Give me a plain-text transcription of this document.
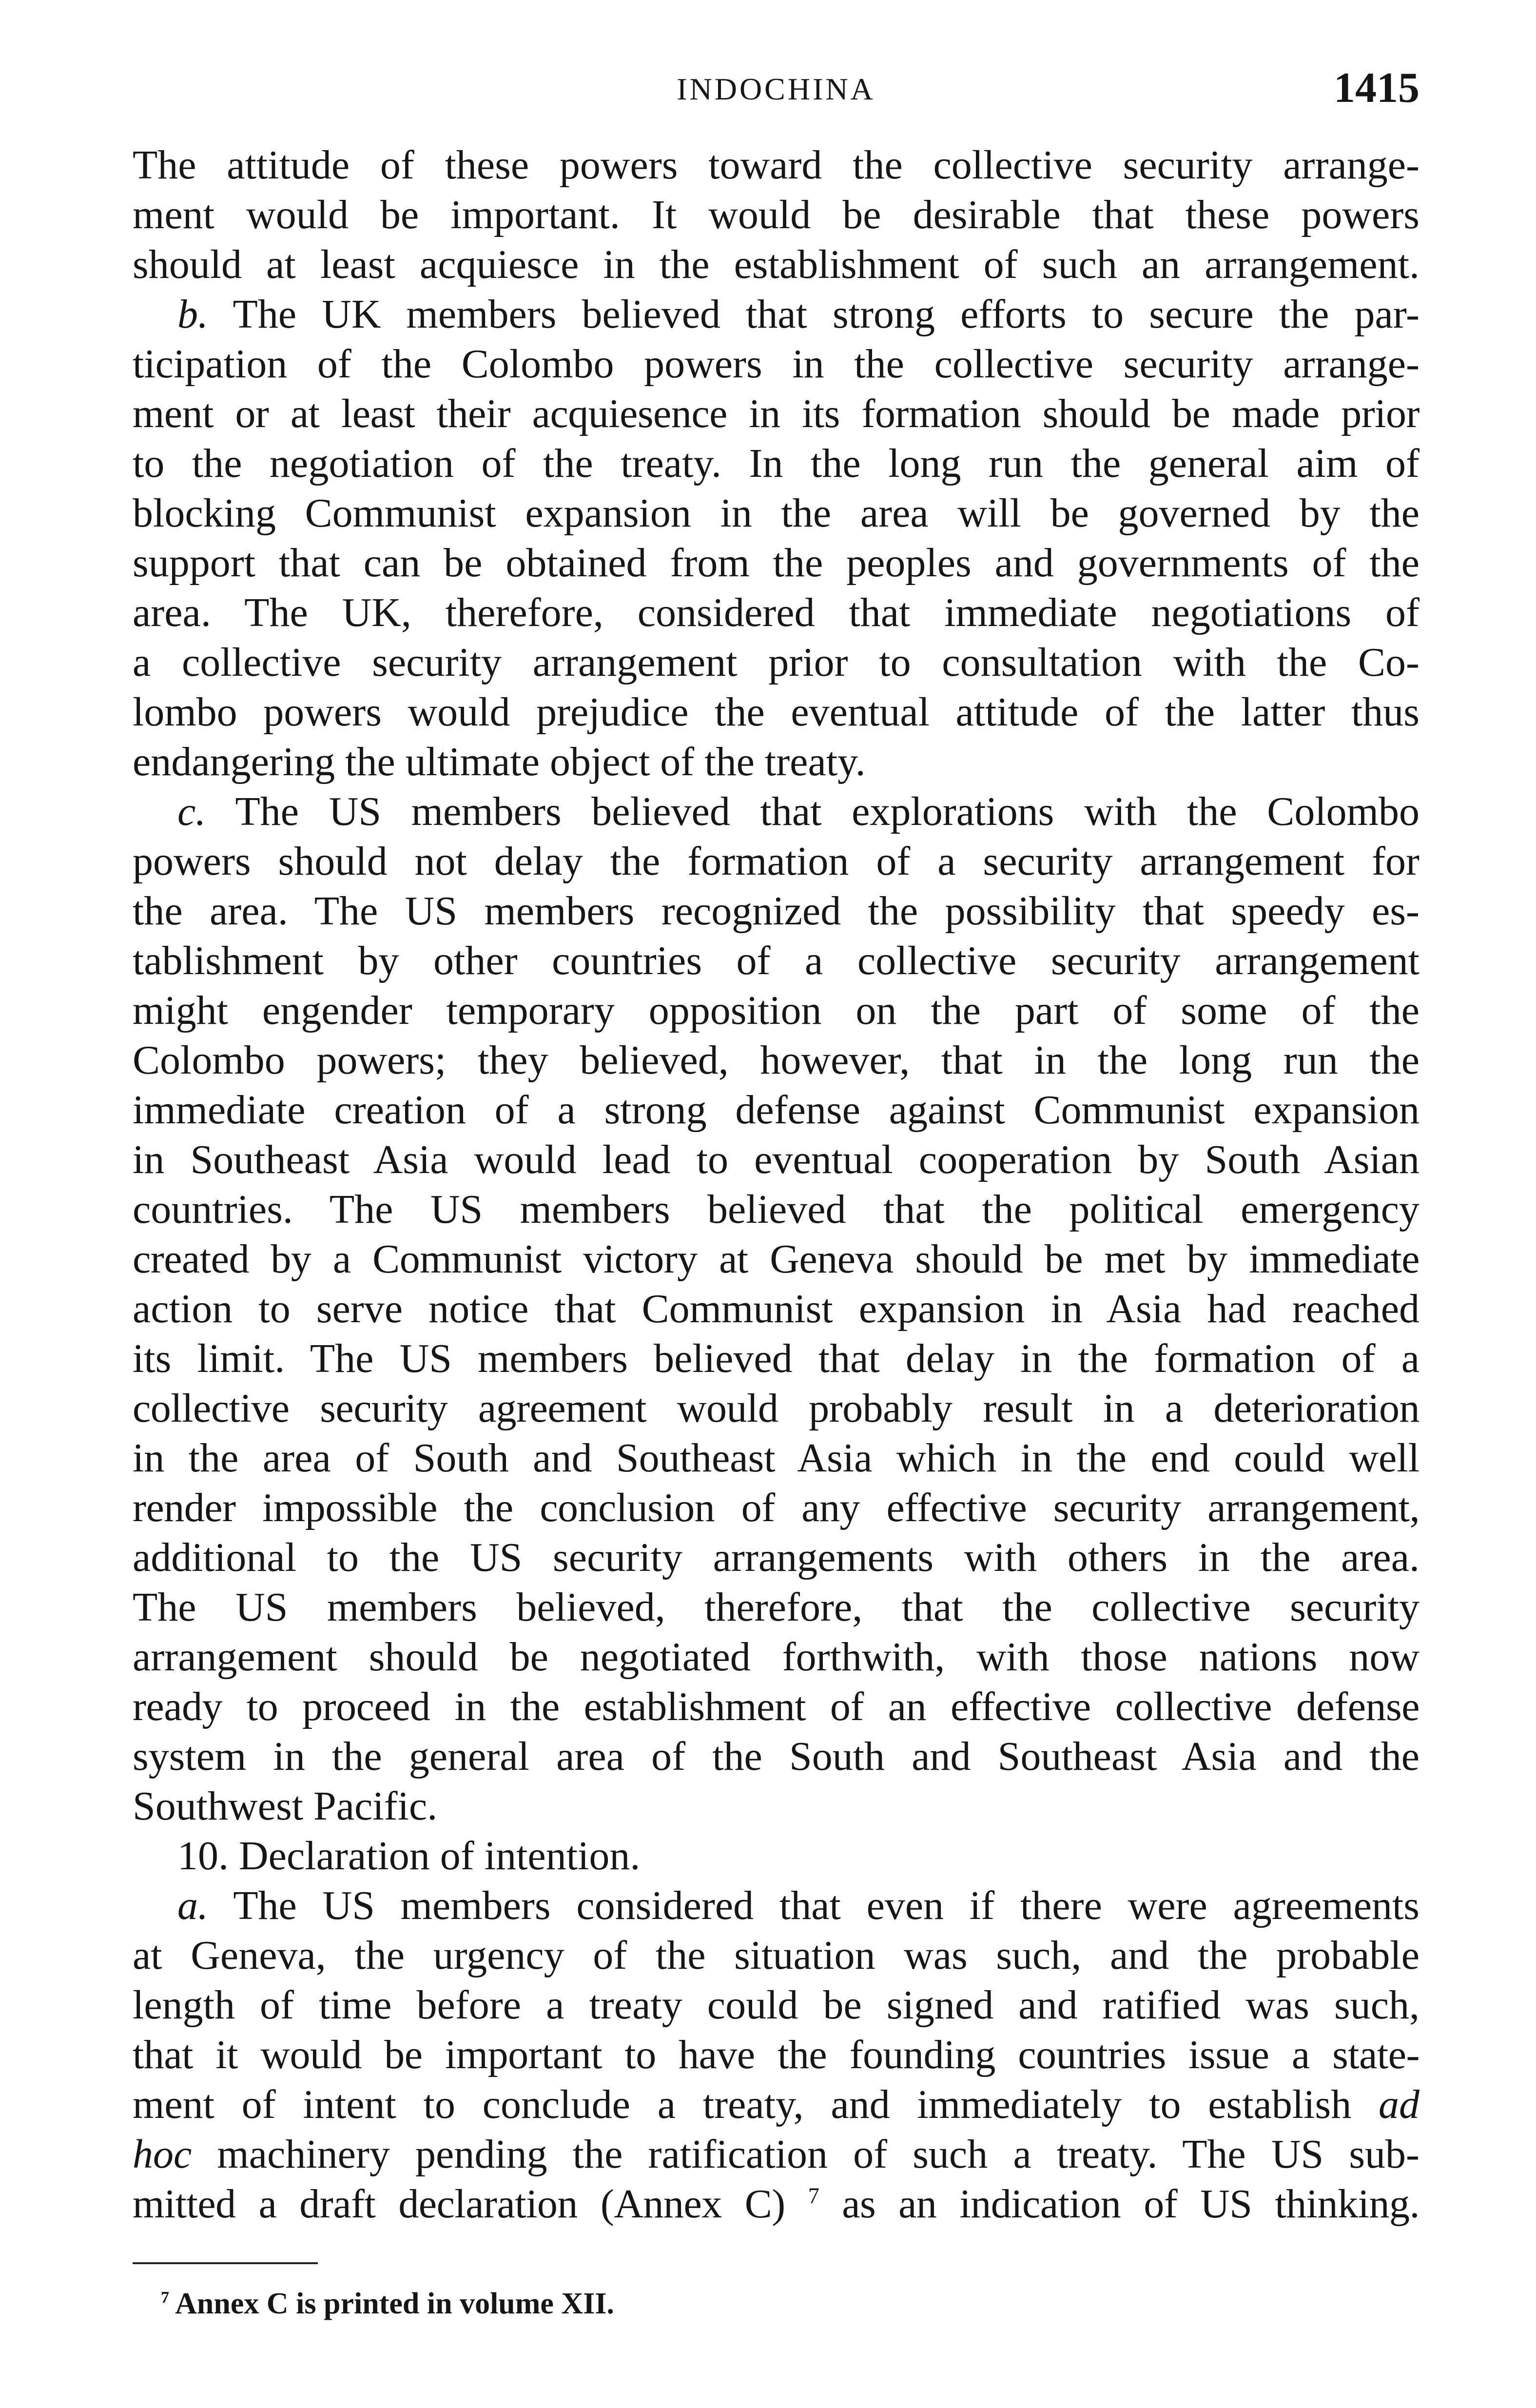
INDOCHINA	1415
The attitude of these powers toward the collective security arrange-
ment would be important. It would be desirable that these powers
should at least acquiesce in the establishment of such an arrangement.
b. The UK members believed that strong efforts to secure the par-
ticipation of the Colombo powers in the collective security arrange-
ment or at least their acquiesence in its formation should be made prior
to the negotiation of the treaty. In the long run the general aim of
blocking Communist expansion in the area will be governed by the
support that can be obtained from the peoples and governments of the
area. The UK, therefore, considered that immediate negotiations of
a collective security arrangement prior to consultation with the Co-
lombo powers would prejudice the eventual attitude of the latter thus
endangering the ultimate object of the treaty.
c. The US members believed that explorations with the Colombo
powers should not delay the formation of a security arrangement for
the area. The US members recognized the possibility that speedy es-
tablishment by other countries of a collective security arrangement
might engender temporary opposition on the part of some of the
Colombo powers; they believed, however, that in the long run the
immediate creation of a strong defense against Communist expansion
in Southeast Asia would lead to eventual cooperation by South Asian
countries. The US members believed that the political emergency
created by a Communist victory at Geneva should be met by immediate
action to serve notice that Communist expansion in Asia had reached
its limit. The US members believed that delay in the formation of a
collective security agreement would probably result in a deterioration
in the area of South and Southeast Asia which in the end could well
render impossible the conclusion of any effective security arrangement,
additional to the US security arrangements with others in the area.
The US members believed, therefore, that the collective security
arrangement should be negotiated forthwith, with those nations now
ready to proceed in the establishment of an effective collective defense
system in the general area of the South and Southeast Asia and the
Southwest Pacific.
10. Declaration of intention.
a. The US members considered that even if there were agreements
at Geneva, the urgency of the situation was such, and the probable
length of time before a treaty could be signed and ratified was such,
that it would be important to have the founding countries issue a state-
ment of intent to conclude a treaty, and immediately to establish ad
hoc machinery pending the ratification of such a treaty. The US sub-
mitted a draft declaration (Annex C) $^7$ as an indication of US thinking.
$^7$ Annex C is printed in volume XII.
